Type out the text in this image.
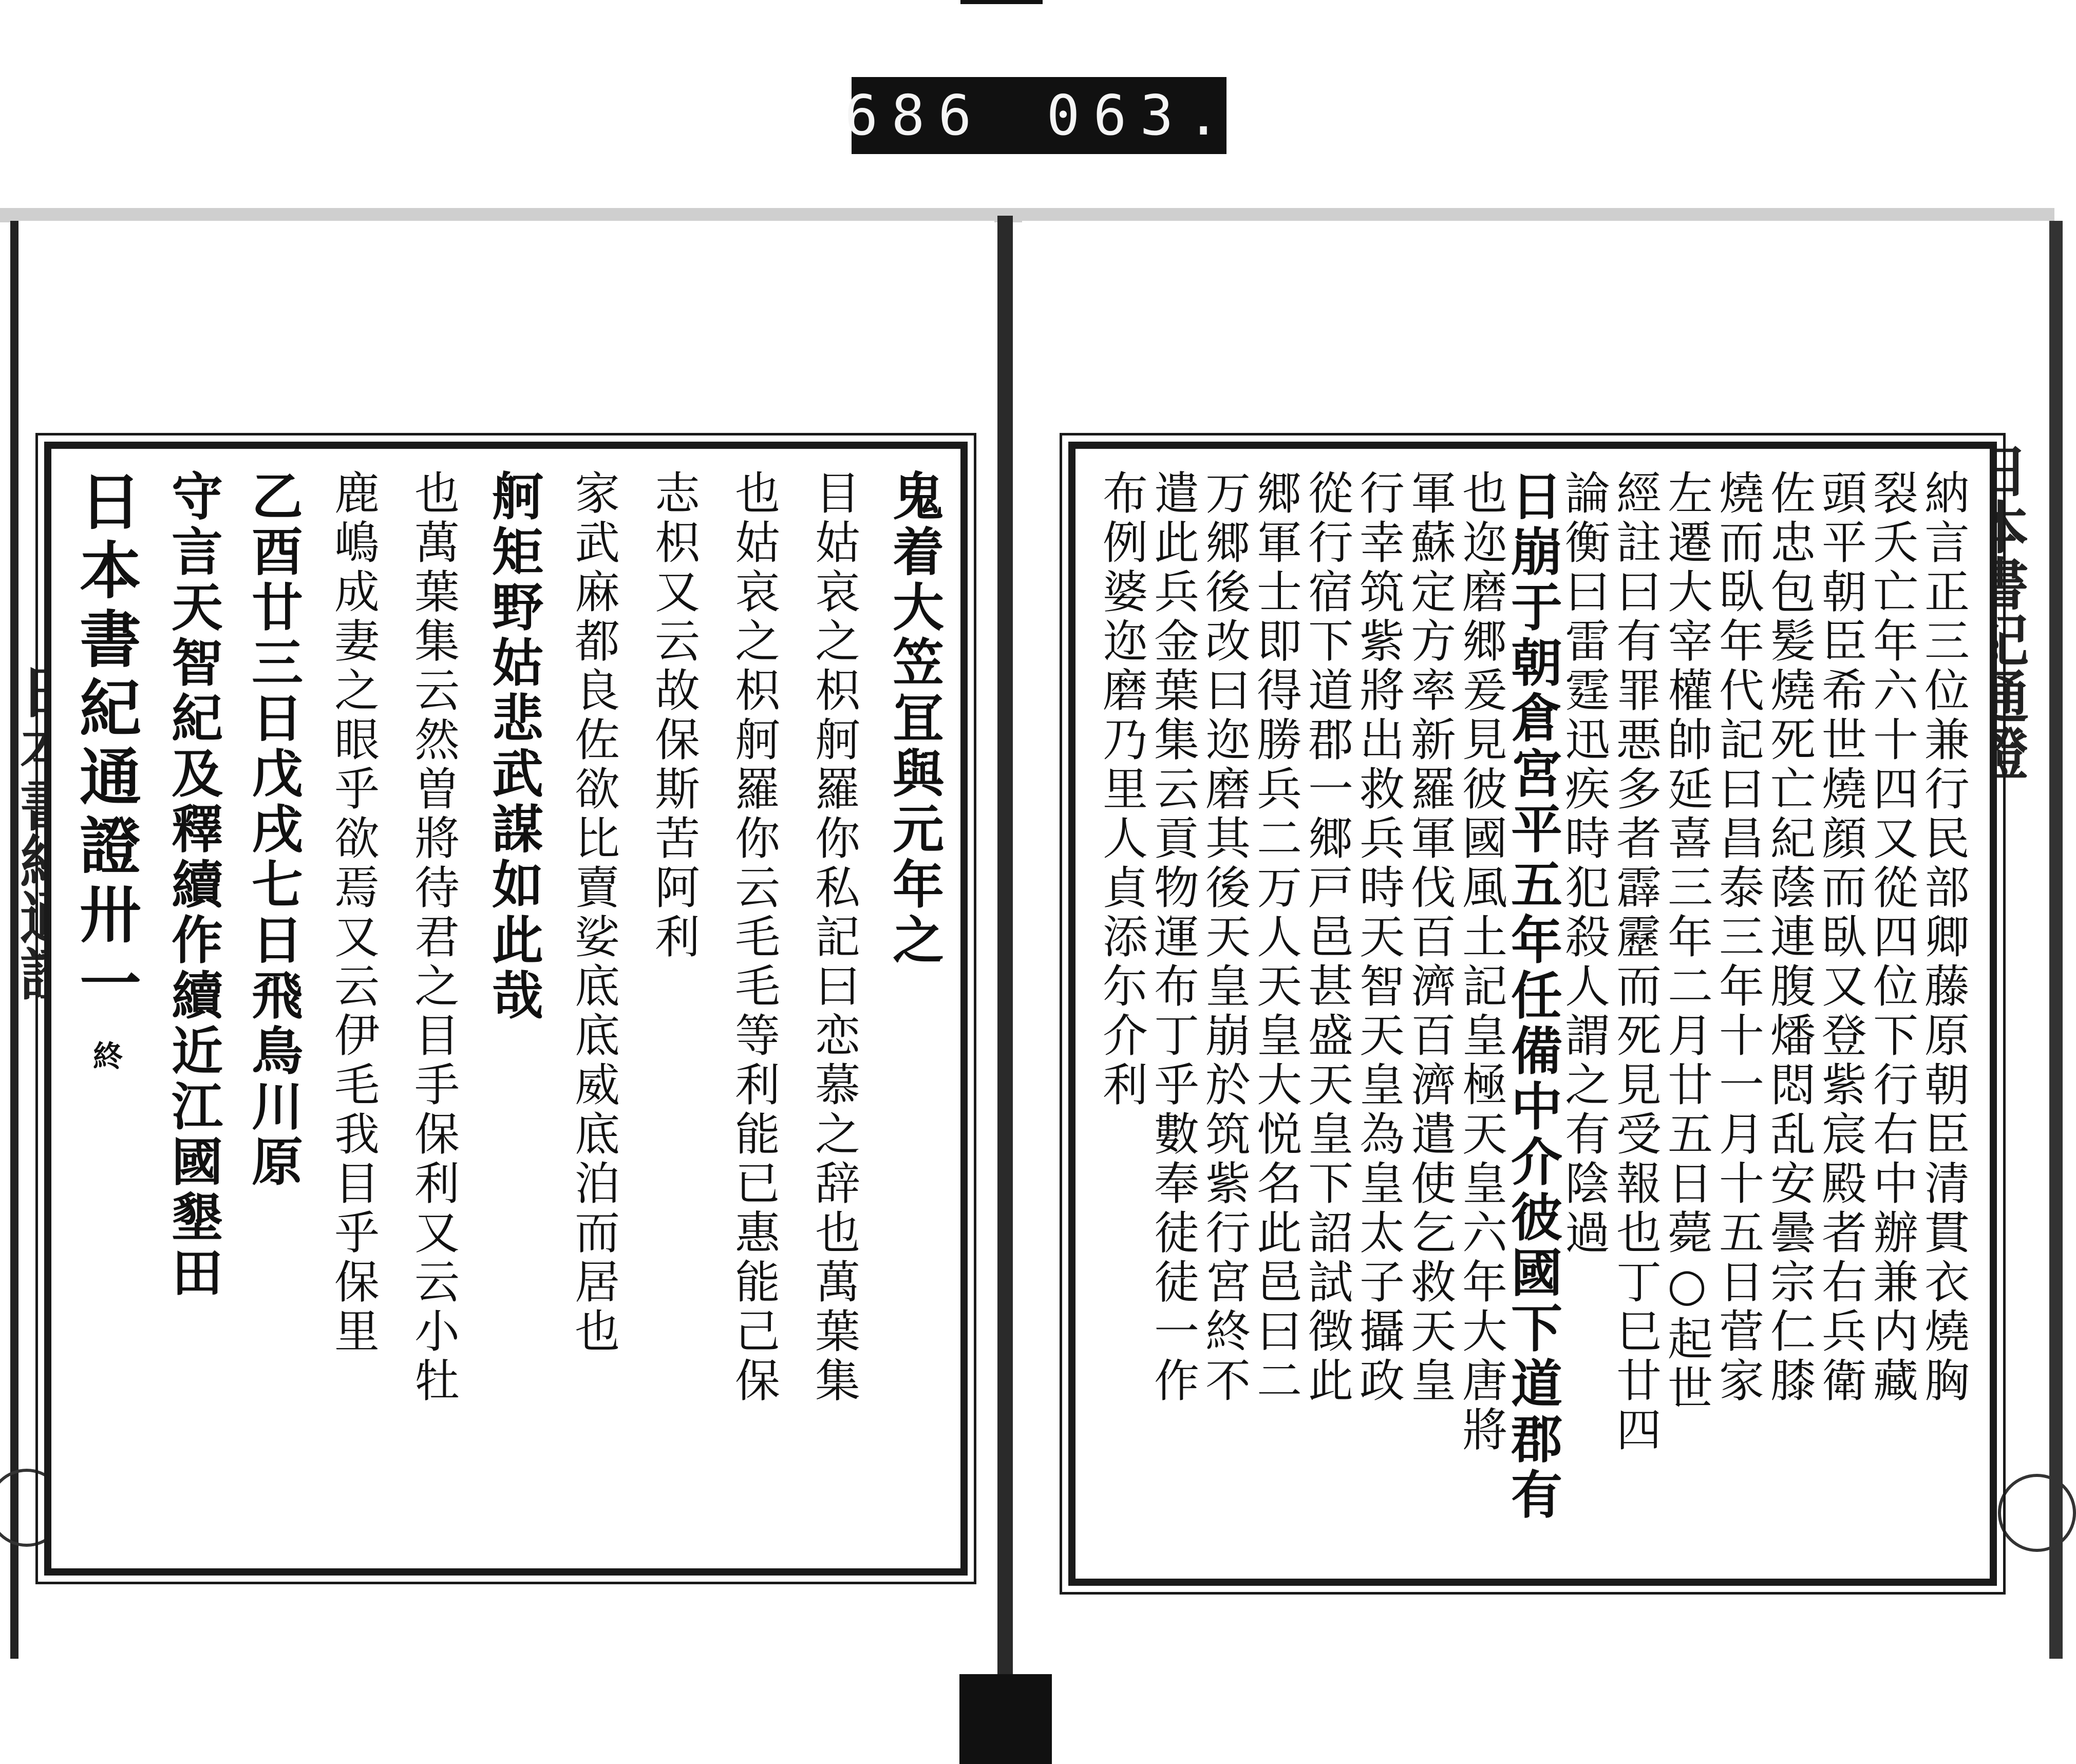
686 063.
鬼着大笠冝與元年之
目姑哀之枳舸羅你私記曰恋慕之辞也萬葉集
也姑哀之枳舸羅你云毛毛等利能已惠能己保
志枳又云故保斯苦阿利
家武麻都良佐欲比賣娑底底威底泊而居也
舸矩野姑悲武謀如此哉
也萬葉集云然曽將待君之目手保利又云小牡
鹿嶋成妻之眼乎欲焉又云伊毛我目乎保里
乙酉廿三日戊戌七日飛鳥川原
守言天智紀及釋續作續近江國墾田
日本書紀通證卅一終	納言正三位兼行民部卿藤原朝臣清貫衣燒胸
裂夭亡年六十四又從四位下行右中辦兼内藏
頭平朝臣希世燒顔而臥又登紫宸殿者右兵衛
佐忠包髪燒死亡紀蔭連腹燔悶乱安曇宗仁膝
燒而臥年代記曰昌泰三年十一月十五日菅家
左遷大宰權帥延喜三年二月廿五日薨○起世
經註曰有罪悪多者霹靂而死見受報也丁巳廿四
論衡曰雷霆迅疾時犯殺人謂之有陰過
日崩于朝倉宮平五年任備中介彼國下道郡有
也迩磨郷爰見彼國風土記皇極天皇六年大唐將
軍蘇定方率新羅軍伐百濟百濟遣使乞救天皇
行幸筑紫將出救兵時天智天皇為皇太子攝政
從行宿下道郡一郷戸邑甚盛天皇下詔試徴此
郷軍士即得勝兵二万人天皇大悦名此邑曰二
万郷後改曰迩磨其後天皇崩於筑紫行宮終不
遣此兵金葉集云貢物運布丁乎數奉徒徒一作
布例婆迩磨乃里人貞添尓介利
